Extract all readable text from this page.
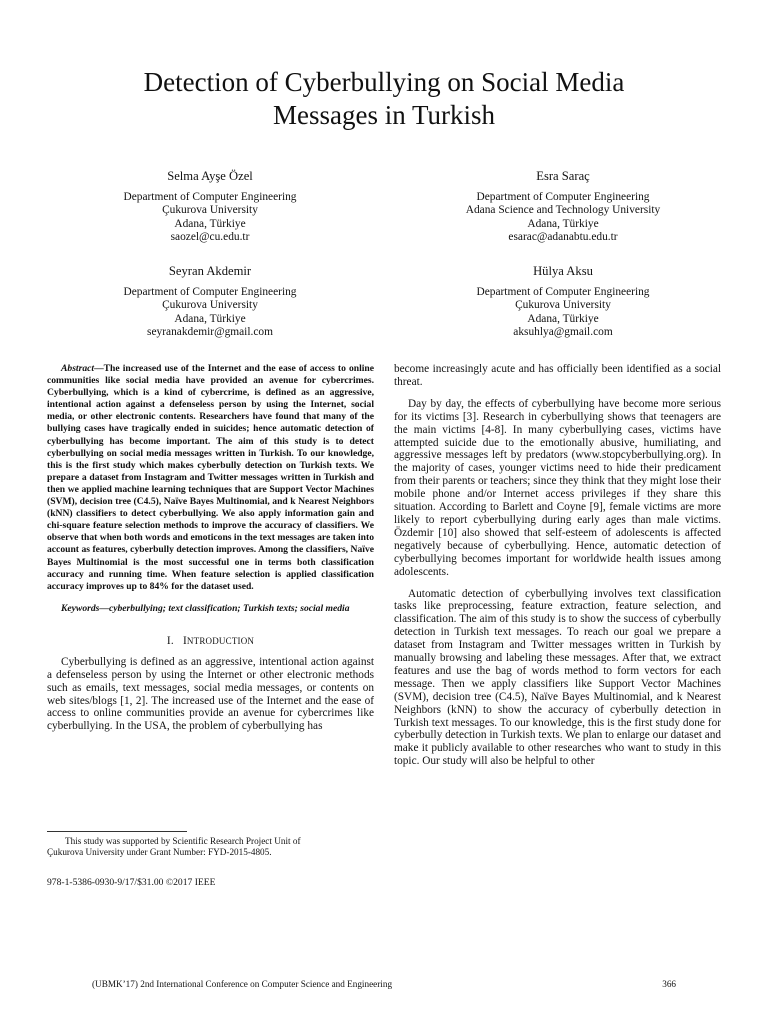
Detection of Cyberbullying on Social Media
Messages in Turkish
Selma Ayşe Özel
Department of Computer Engineering
Çukurova University
Adana, Türkiye
saozel@cu.edu.tr
Esra Saraç
Department of Computer Engineering
Adana Science and Technology University
Adana, Türkiye
esarac@adanabtu.edu.tr
Seyran Akdemir
Department of Computer Engineering
Çukurova University
Adana, Türkiye
seyranakdemir@gmail.com
Hülya Aksu
Department of Computer Engineering
Çukurova University
Adana, Türkiye
aksuhlya@gmail.com

Abstract—The increased use of the Internet and the ease of access to online communities like social media have provided an avenue for cybercrimes. Cyberbullying, which is a kind of cybercrime, is defined as an aggressive, intentional action against a defenseless person by using the Internet, social media, or other electronic contents. Researchers have found that many of the bullying cases have tragically ended in suicides; hence automatic detection of cyberbullying has become important. The aim of this study is to detect cyberbullying on social media messages written in Turkish. To our knowledge, this is the first study which makes cyberbully detection on Turkish texts. We prepare a dataset from Instagram and Twitter messages written in Turkish and then we applied machine learning techniques that are Support Vector Machines (SVM), decision tree (C4.5), Naïve Bayes Multinomial, and k Nearest Neighbors (kNN) classifiers to detect cyberbullying. We also apply information gain and chi-square feature selection methods to improve the accuracy of classifiers. We observe that when both words and emoticons in the text messages are taken into account as features, cyberbully detection improves. Among the classifiers, Naïve Bayes Multinomial is the most successful one in terms both classification accuracy and running time. When feature selection is applied classification accuracy improves up to 84% for the dataset used.

Keywords—cyberbullying; text classification; Turkish texts; social media

I. INTRODUCTION

Cyberbullying is defined as an aggressive, intentional action against a defenseless person by using the Internet or other electronic methods such as emails, text messages, social media messages, or contents on web sites/blogs [1, 2]. The increased use of the Internet and the ease of access to online communities provide an avenue for cybercrimes like cyberbullying. In the USA, the problem of cyberbullying has

become increasingly acute and has officially been identified as a social threat.

Day by day, the effects of cyberbullying have become more serious for its victims [3]. Research in cyberbullying shows that teenagers are the main victims [4-8]. In many cyberbullying cases, victims have attempted suicide due to the emotionally abusive, humiliating, and aggressive messages left by predators (www.stopcyberbullying.org). In the majority of cases, younger victims need to hide their predicament from their parents or teachers; since they think that they might lose their mobile phone and/or Internet access privileges if they share this situation. According to Barlett and Coyne [9], female victims are more likely to report cyberbullying during early ages than male victims. Özdemir [10] also showed that self-esteem of adolescents is affected negatively because of cyberbullying. Hence, automatic detection of cyberbullying becomes important for worldwide health issues among adolescents.

Automatic detection of cyberbullying involves text classification tasks like preprocessing, feature extraction, feature selection, and classification. The aim of this study is to show the success of cyberbully detection in Turkish text messages. To reach our goal we prepare a dataset from Instagram and Twitter messages written in Turkish by manually browsing and labeling these messages. After that, we extract features and use the bag of words method to form vectors for each message. Then we apply classifiers like Support Vector Machines (SVM), decision tree (C4.5), Naïve Bayes Multinomial, and k Nearest Neighbors (kNN) to show the accuracy of cyberbully detection in Turkish text messages. To our knowledge, this is the first study done for cyberbully detection in Turkish texts. We plan to enlarge our dataset and make it publicly available to other researches who want to study in this topic. Our study will also be helpful to other

This study was supported by Scientific Research Project Unit of
Çukurova University under Grant Number: FYD-2015-4805.
978-1-5386-0930-9/17/$31.00 ©2017 IEEE
(UBMK’17) 2nd International Conference on Computer Science and Engineering	366
